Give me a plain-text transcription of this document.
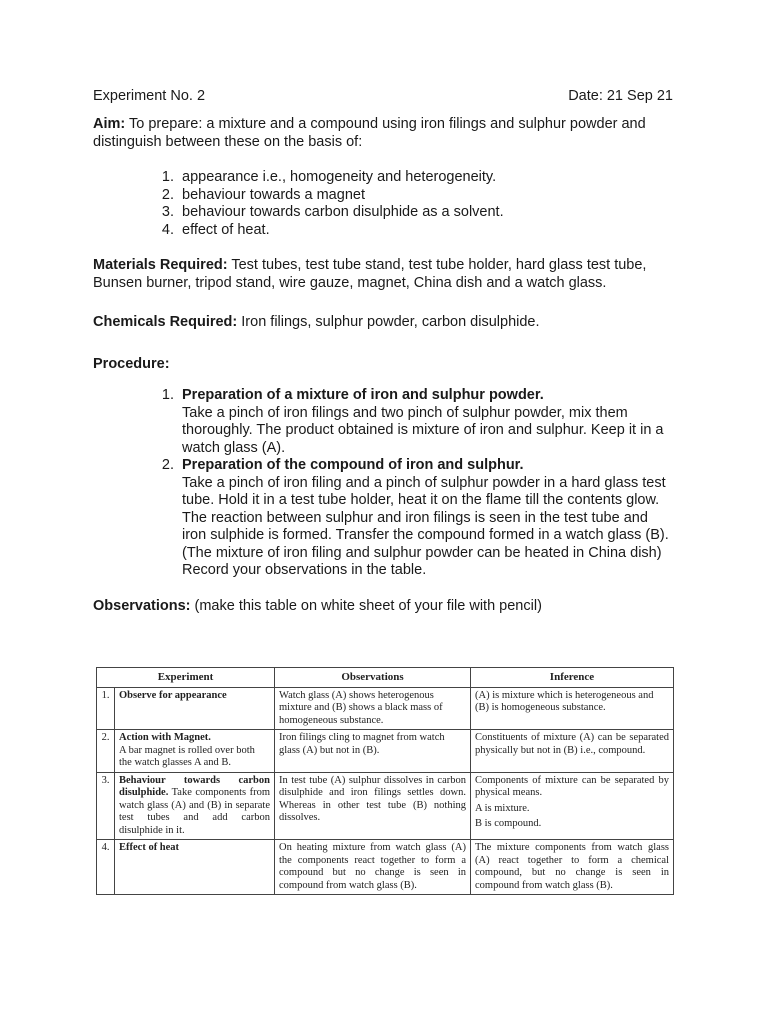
Experiment No. 2	Date: 21 Sep 21
Aim: To prepare: a mixture and a compound using iron filings and sulphur powder and distinguish between these on the basis of:
1. appearance i.e., homogeneity and heterogeneity.
2. behaviour towards a magnet
3. behaviour towards carbon disulphide as a solvent.
4. effect of heat.
Materials Required: Test tubes, test tube stand, test tube holder, hard glass test tube, Bunsen burner, tripod stand, wire gauze, magnet, China dish and a watch glass.
Chemicals Required: Iron filings, sulphur powder, carbon disulphide.
Procedure:
1. Preparation of a mixture of iron and sulphur powder.
Take a pinch of iron filings and two pinch of sulphur powder, mix them thoroughly. The product obtained is mixture of iron and sulphur. Keep it in a watch glass (A).
2. Preparation of the compound of iron and sulphur.
Take a pinch of iron filing and a pinch of sulphur powder in a hard glass test tube. Hold it in a test tube holder, heat it on the flame till the contents glow. The reaction between sulphur and iron filings is seen in the test tube and iron sulphide is formed. Transfer the compound formed in a watch glass (B).(The mixture of iron filing and sulphur powder can be heated in China dish)
Record your observations in the table.
Observations: (make this table on white sheet of your file with pencil)
Experiment		Observations	Inference
1.	Observe for appearance	Watch glass (A) shows heterogenous mixture and (B) shows a black mass of homogeneous substance.	(A) is mixture which is heterogeneous and (B) is homogeneous substance.
2.	Action with Magnet.
A bar magnet is rolled over both the watch glasses A and B.	Iron filings cling to magnet from watch glass (A) but not in (B).	Constituents of mixture (A) can be separated physically but not in (B) i.e., compound.
3.	Behaviour towards carbon disulphide. Take components from watch glass (A) and (B) in separate test tubes and add carbon disulphide in it.	In test tube (A) sulphur dissolves in carbon disulphide and iron filings settles down. Whereas in other test tube (B) nothing dissolves.	Components of mixture can be separated by physical means.
A is mixture.
B is compound.

4.	Effect of heat	On heating mixture from watch glass (A) the components react together to form a compound but no change is seen in compound from watch glass (B).	The mixture components from watch glass (A) react together to form a chemical compound, but no change is seen in compound from watch glass (B).
